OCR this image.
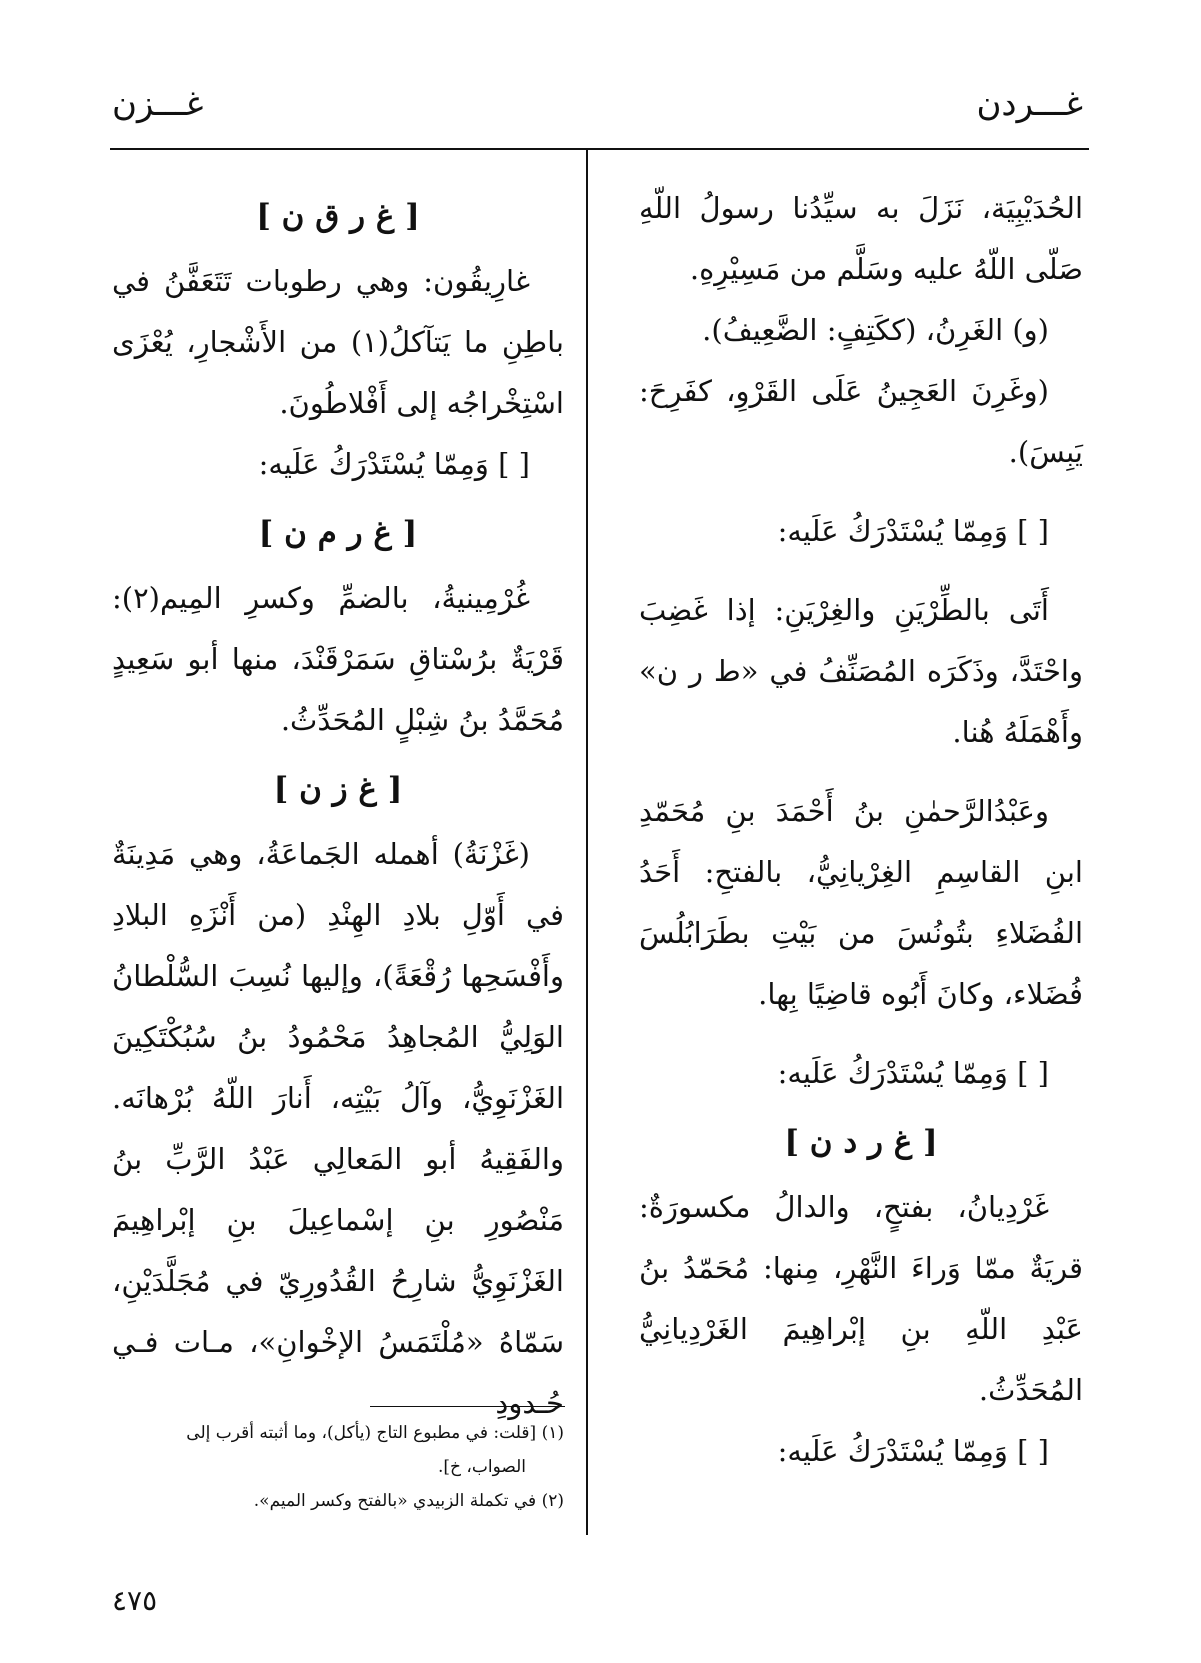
غـــردن
غـــزن

الحُدَيْبِيَة، نَزَلَ به سيِّدُنا رسولُ اللّهِ صَلّى اللّهُ عليه وسَلَّم من مَسِيْرِهِ.

(و) الغَرِنُ، (ككَتِفٍ: الضَّعِيفُ).

(وغَرِنَ العَجِينُ عَلَى القَرْوِ، كفَرِحَ: يَبِسَ).

[ ] وَمِمّا يُسْتَدْرَكُ عَلَيه:

أَتَى بالطِّرْيَنِ والغِرْيَنِ: إذا غَضِبَ واحْتَدَّ، وذَكَرَه المُصَنِّفُ في «ط ر ن» وأَهْمَلَهُ هُنا.

وعَبْدُالرَّحمٰنِ بنُ أَحْمَدَ بنِ مُحَمّدِ ابنِ القاسِمِ الغِرْيانِيُّ، بالفتحِ: أَحَدُ الفُضَلاءِ بتُونُسَ من بَيْتِ بطَرَابُلُسَ فُضَلاء، وكانَ أَبُوه قاضِيًا بِها.

[ ] وَمِمّا يُسْتَدْرَكُ عَلَيه:

[ غ ر د ن ]

غَرْدِيانُ، بفتحٍ، والدالُ مكسورَةٌ: قريَةٌ ممّا وَراءَ النَّهْرِ، مِنها: مُحَمّدُ بنُ عَبْدِ اللّهِ بنِ إبْراهِيمَ الغَرْدِيانِيُّ المُحَدِّثُ.

[ ] وَمِمّا يُسْتَدْرَكُ عَلَيه:

[ غ ر ق ن ]

غارِيقُون: وهي رطوبات تَتَعَفَّنُ في باطِنِ ما يَتآكلُ(١) من الأَشْجارِ، يُعْزَى اسْتِخْراجُه إلى أَفْلاطُونَ.

[ ] وَمِمّا يُسْتَدْرَكُ عَلَيه:

[ غ ر م ن ]

غُرْمِينيةُ، بالضمِّ وكسرِ المِيم(٢): قَرْيَةٌ برُسْتاقِ سَمَرْقَنْدَ، منها أبو سَعِيدٍ مُحَمَّدُ بنُ شِبْلٍ المُحَدِّثُ.

[ غ ز ن ]

(غَزْنَةُ) أهمله الجَماعَةُ، وهي مَدِينَةٌ في أَوّلِ بلادِ الهِنْدِ (من أَنْزَهِ البلادِ وأَفْسَحِها رُقْعَةً)، وإليها نُسِبَ السُّلْطانُ الوَلِيُّ المُجاهِدُ مَحْمُودُ بنُ سُبُكْتَكِينَ الغَزْنَوِيُّ، وآلُ بَيْتِه، أَنارَ اللّهُ بُرْهانَه. والفَقِيهُ أبو المَعالِي عَبْدُ الرَّبِّ بنُ مَنْصُورِ بنِ إسْماعِيلَ بنِ إبْراهِيمَ الغَزْنَوِيُّ شارِحُ القُدُورِيّ في مُجَلَّدَيْنِ، سَمّاهُ «مُلْتَمَسُ الإخْوانِ»، مـات فـي حُـدودِ

(١) [قلت: في مطبوع التاج (يأكل)، وما أثبته أقرب إلى

الصواب، خ].

(٢) في تكملة الزبيدي «بالفتح وكسر الميم».

٤٧٥
